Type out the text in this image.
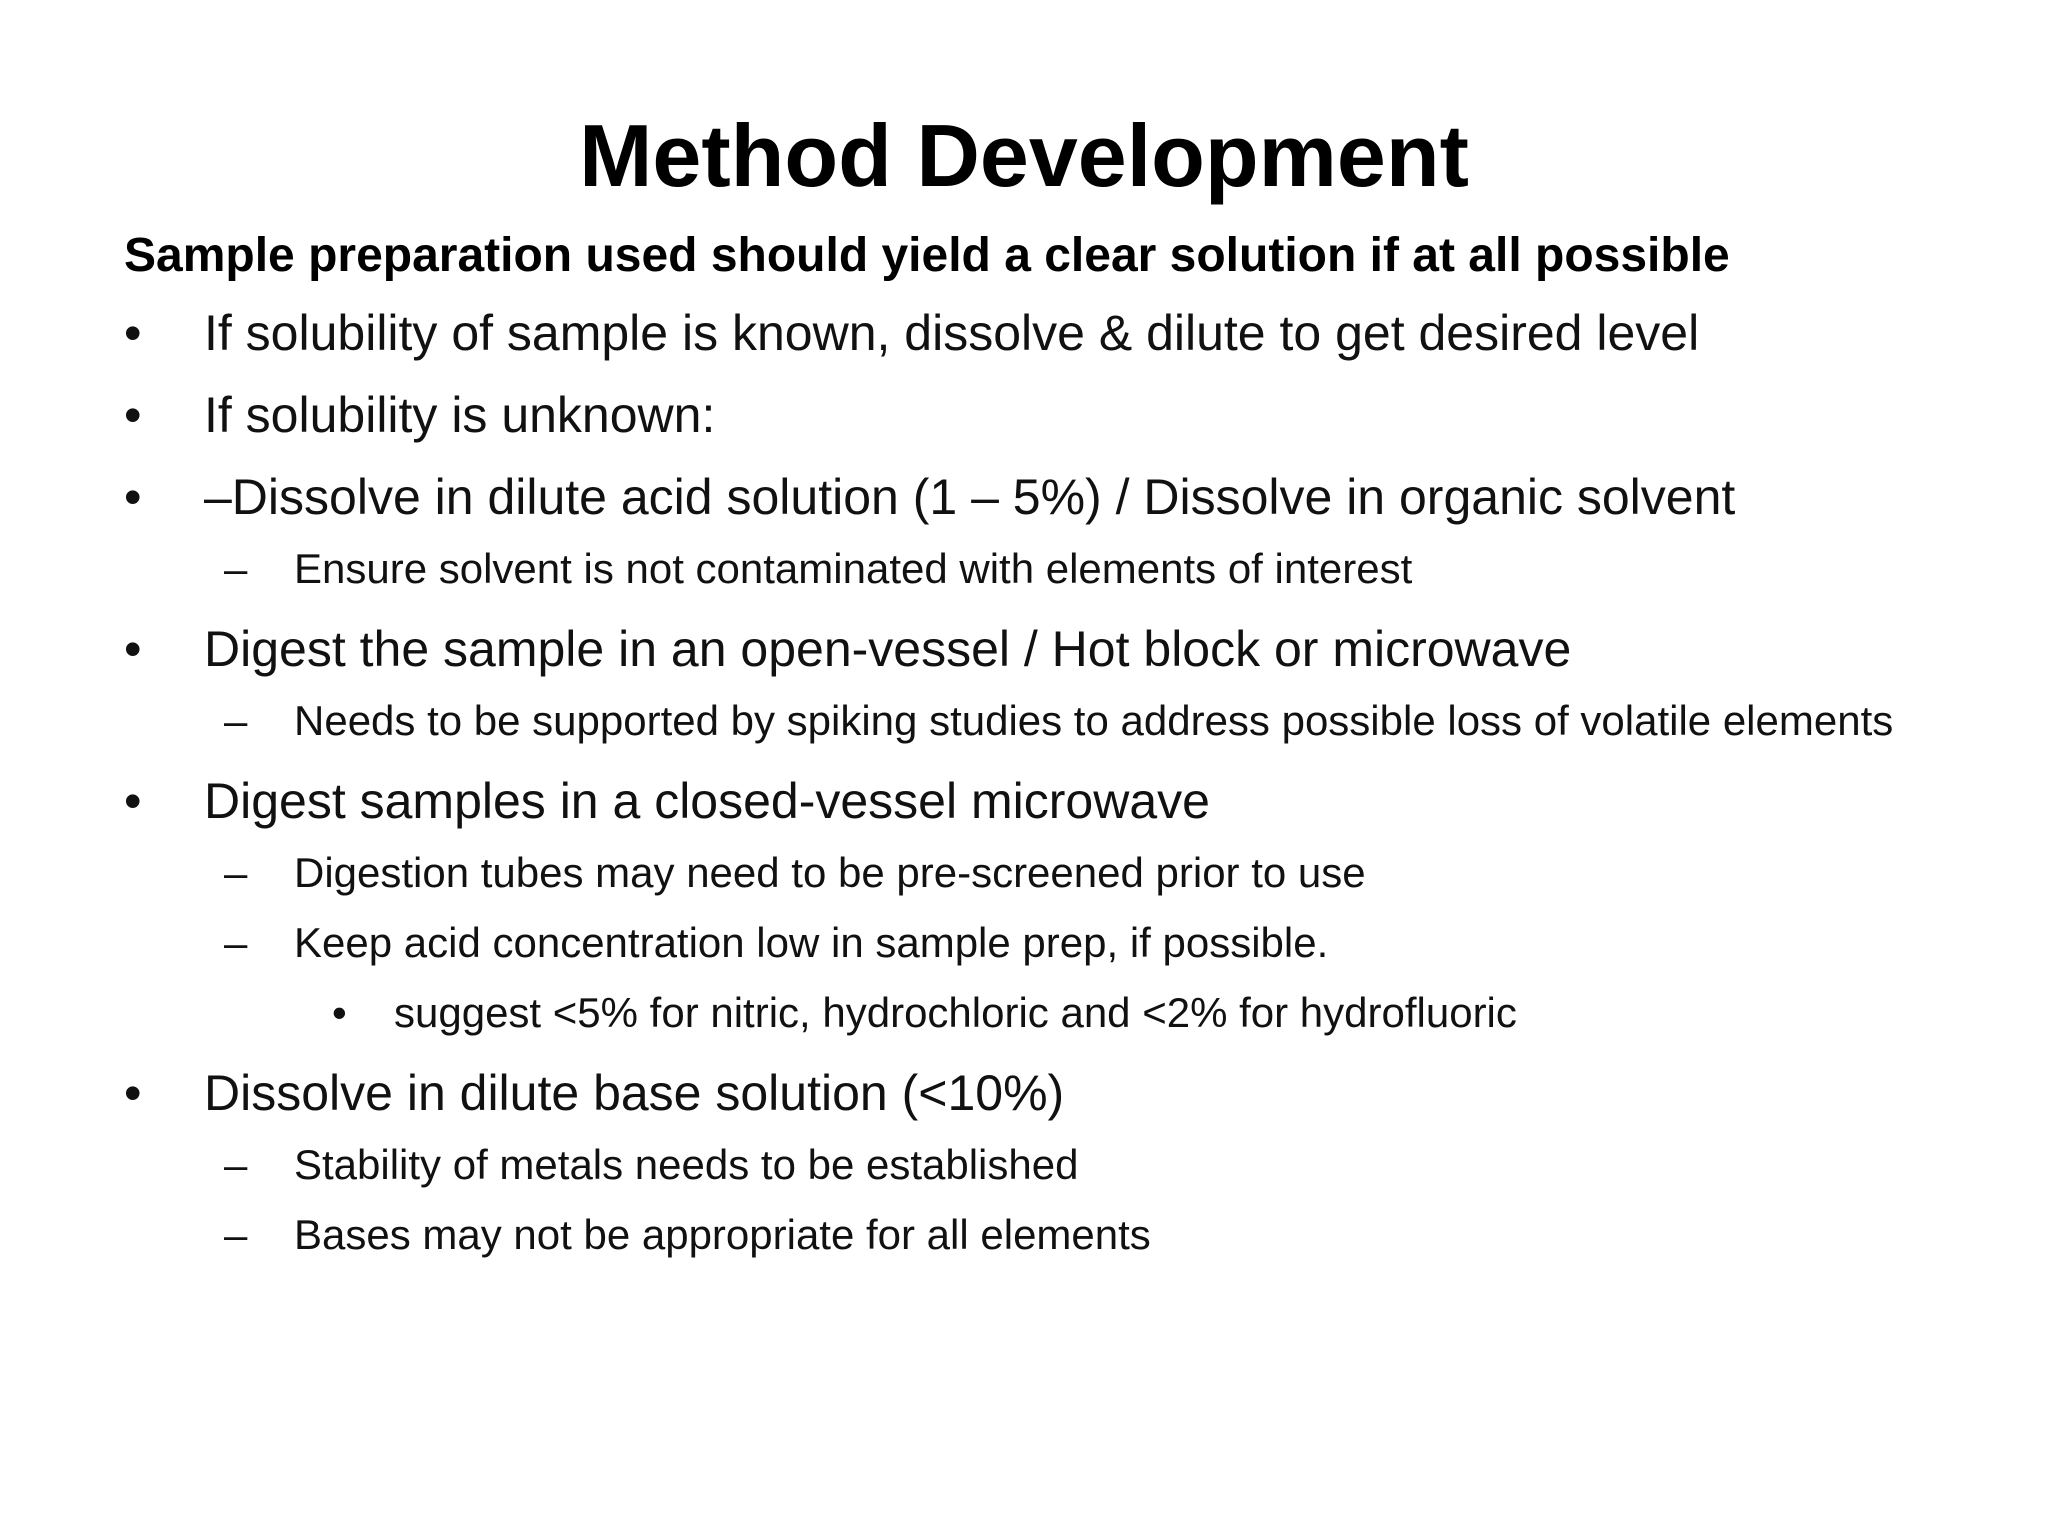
Method Development
Sample preparation used should yield a clear solution if at all possible
• If solubility of sample is known, dissolve & dilute to get desired level
• If solubility is unknown:
• –Dissolve in dilute acid solution (1 – 5%) / Dissolve in organic solvent
– Ensure solvent is not contaminated with elements of interest
• Digest the sample in an open-vessel / Hot block or microwave
– Needs to be supported by spiking studies to address possible loss of volatile elements
• Digest samples in a closed-vessel microwave
– Digestion tubes may need to be pre-screened prior to use
– Keep acid concentration low in sample prep, if possible.
• suggest <5% for nitric, hydrochloric and <2% for hydrofluoric
• Dissolve in dilute base solution (<10%)
– Stability of metals needs to be established
– Bases may not be appropriate for all elements
